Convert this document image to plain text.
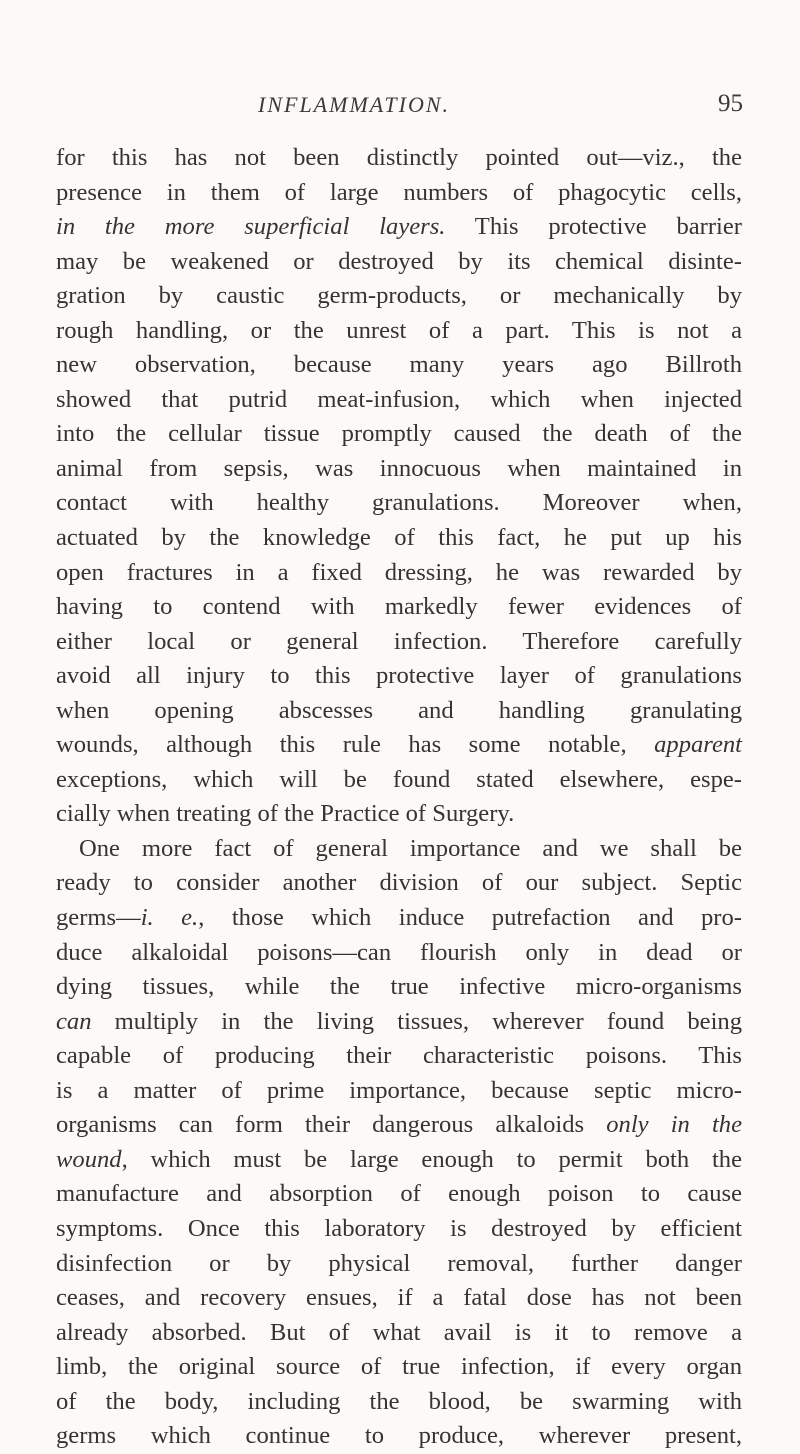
INFLAMMATION.	95
for this has not been distinctly pointed out—viz., the
presence in them of large numbers of phagocytic cells,
in the more superficial layers. This protective barrier
may be weakened or destroyed by its chemical disinte-
gration by caustic germ-products, or mechanically by
rough handling, or the unrest of a part. This is not a
new observation, because many years ago Billroth
showed that putrid meat-infusion, which when injected
into the cellular tissue promptly caused the death of the
animal from sepsis, was innocuous when maintained in
contact with healthy granulations. Moreover when,
actuated by the knowledge of this fact, he put up his
open fractures in a fixed dressing, he was rewarded by
having to contend with markedly fewer evidences of
either local or general infection. Therefore carefully
avoid all injury to this protective layer of granulations
when opening abscesses and handling granulating
wounds, although this rule has some notable, apparent
exceptions, which will be found stated elsewhere, espe-
cially when treating of the Practice of Surgery.
One more fact of general importance and we shall be
ready to consider another division of our subject. Septic
germs—i. e., those which induce putrefaction and pro-
duce alkaloidal poisons—can flourish only in dead or
dying tissues, while the true infective micro-organisms
can multiply in the living tissues, wherever found being
capable of producing their characteristic poisons. This
is a matter of prime importance, because septic micro-
organisms can form their dangerous alkaloids only in the
wound, which must be large enough to permit both the
manufacture and absorption of enough poison to cause
symptoms. Once this laboratory is destroyed by efficient
disinfection or by physical removal, further danger
ceases, and recovery ensues, if a fatal dose has not been
already absorbed. But of what avail is it to remove a
limb, the original source of true infection, if every organ
of the body, including the blood, be swarming with
germs which continue to produce, wherever present,
